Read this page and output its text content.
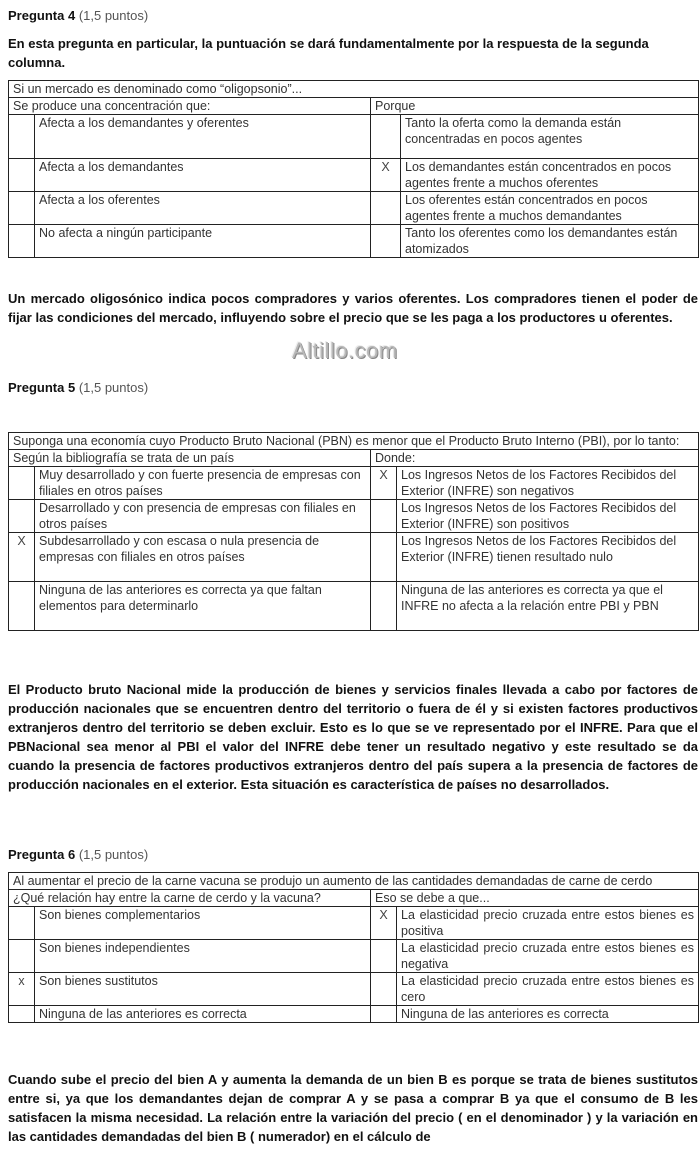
Pregunta 4 (1,5 puntos)

En esta pregunta en particular, la puntuación se dará fundamentalmente por la respuesta de la segunda columna.

Si un mercado es denominado como “oligopsonio”...			
Se produce una concentración que:		Porque	
	Afecta a los demandantes y oferentes		Tanto la oferta como la demanda están concentradas en pocos agentes
	Afecta a los demandantes	X	Los demandantes están concentrados en pocos agentes frente a muchos oferentes
	Afecta a los oferentes		Los oferentes están concentrados en pocos agentes frente a muchos demandantes
	No afecta a ningún participante		Tanto los oferentes como los demandantes están atomizados

Un mercado oligosónico indica pocos compradores y varios oferentes. Los compradores tienen el poder de fijar las condiciones del mercado, influyendo sobre el precio que se les paga a los productores u oferentes.

Altillo.com
Pregunta 5 (1,5 puntos)
Suponga una economía cuyo Producto Bruto Nacional (PBN) es menor que el Producto Bruto Interno (PBI), por lo tanto:			
Según la bibliografía se trata de un país		Donde:	
	Muy desarrollado y con fuerte presencia de empresas con filiales en otros países	X	Los Ingresos Netos de los Factores Recibidos del Exterior (INFRE) son negativos
	Desarrollado y con presencia de empresas con filiales en otros países		Los Ingresos Netos de los Factores Recibidos del Exterior (INFRE) son positivos
X	Subdesarrollado y con escasa o nula presencia de empresas con filiales en otros países		Los Ingresos Netos de los Factores Recibidos del Exterior (INFRE) tienen resultado nulo
	Ninguna de las anteriores es correcta ya que faltan elementos para determinarlo		Ninguna de las anteriores es correcta ya que el INFRE no afecta a la relación entre PBI y PBN

El Producto bruto Nacional mide la producción de bienes y servicios finales llevada a cabo por factores de producción nacionales que se encuentren dentro del territorio o fuera de él y si existen factores productivos extranjeros dentro del territorio se deben excluir. Esto es lo que se ve representado por el INFRE. Para que el PBNacional sea menor al PBI el valor del INFRE debe tener un resultado negativo y este resultado se da cuando la presencia de factores productivos extranjeros dentro del país supera a la presencia de factores de producción nacionales en el exterior. Esta situación es característica de países no desarrollados.

Pregunta 6 (1,5 puntos)
Al aumentar el precio de la carne vacuna se produjo un aumento de las cantidades demandadas de carne de cerdo			
¿Qué relación hay entre la carne de cerdo y la vacuna?		Eso se debe a que...	
	Son bienes complementarios	X	La elasticidad precio cruzada entre estos bienes es positiva
	Son bienes independientes		La elasticidad precio cruzada entre estos bienes es negativa
x	Son bienes sustitutos		La elasticidad precio cruzada entre estos bienes es cero
	Ninguna de las anteriores es correcta		Ninguna de las anteriores es correcta

Cuando sube el precio del bien A y aumenta la demanda de un bien B es porque se trata de bienes sustitutos entre si, ya que los demandantes dejan de comprar A y se pasa a comprar B ya que el consumo de B les satisfacen la misma necesidad. La relación entre la variación del precio ( en el denominador ) y la variación en las cantidades demandadas del bien B ( numerador) en el cálculo de
